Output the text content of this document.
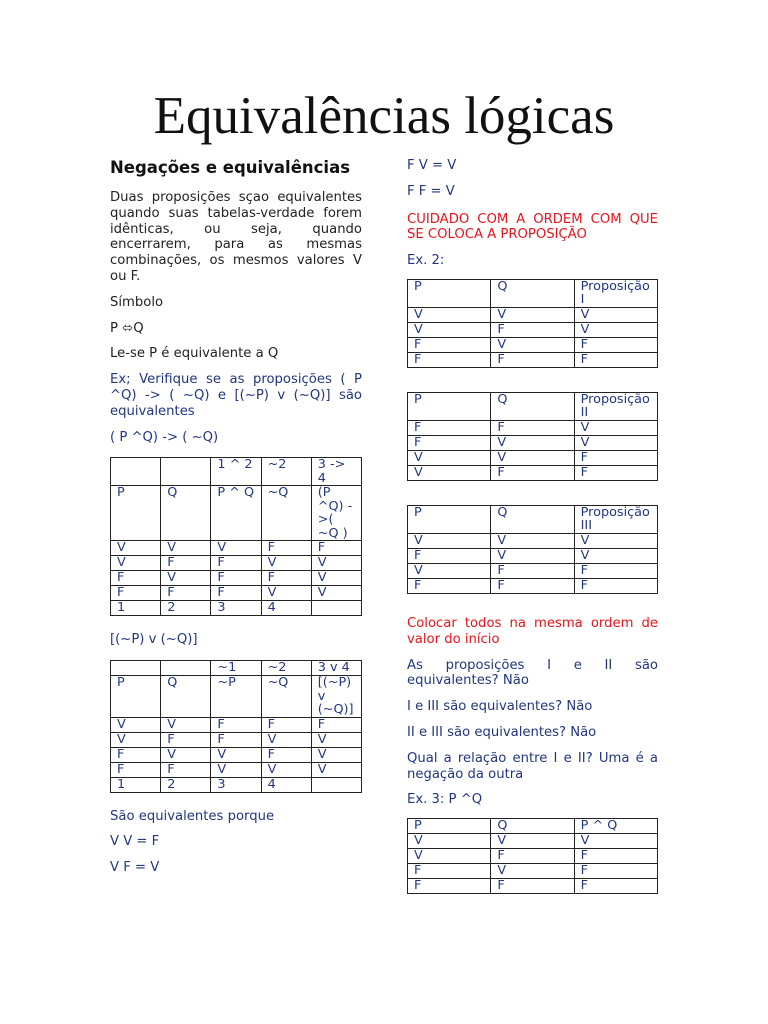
Equivalências lógicas
Negações e equivalências

Duas proposições sçao equivalentes quando suas tabelas-verdade forem idênticas, ou seja, quando encerrarem, para as mesmas combinações, os mesmos valores V ou F.

Símbolo

P ⬄Q

Le-se P é equivalente a Q

Ex; Verifique se as proposições ( P ^Q) -> ( ~Q) e [(~P) v (~Q)] são equivalentes

( P ^Q) -> ( ~Q)

		1 ^ 2	~2	3 -> 4
P	Q	P ^ Q	~Q	(P ^Q) ->( ~Q )
V	V	V	F	F
V	F	F	V	V
F	V	F	F	V
F	F	F	V	V
1	2	3	4	

[(~P) v (~Q)]

		~1	~2	3 v 4
P	Q	~P	~Q	[(~P) v (~Q)]
V	V	F	F	F
V	F	F	V	V
F	V	V	F	V
F	F	V	V	V
1	2	3	4	

São equivalentes porque

V V = F

V F = V

F V = V

F F = V

CUIDADO COM A ORDEM COM QUE SE COLOCA A PROPOSIÇÃO

Ex. 2:

P	Q	Proposição I
V	V	V
V	F	V
F	V	F
F	F	F
P	Q	Proposição II
F	F	V
F	V	V
V	V	F
V	F	F
P	Q	Proposição III
V	V	V
F	V	V
V	F	F
F	F	F

Colocar todos na mesma ordem de valor do início

As proposições I e II são equivalentes? Não

I e III são equivalentes? Não

II e III são equivalentes? Não

Qual a relação entre I e II? Uma é a negação da outra

Ex. 3: P ^Q

P	Q	P ^ Q
V	V	V
V	F	F
F	V	F
F	F	F
